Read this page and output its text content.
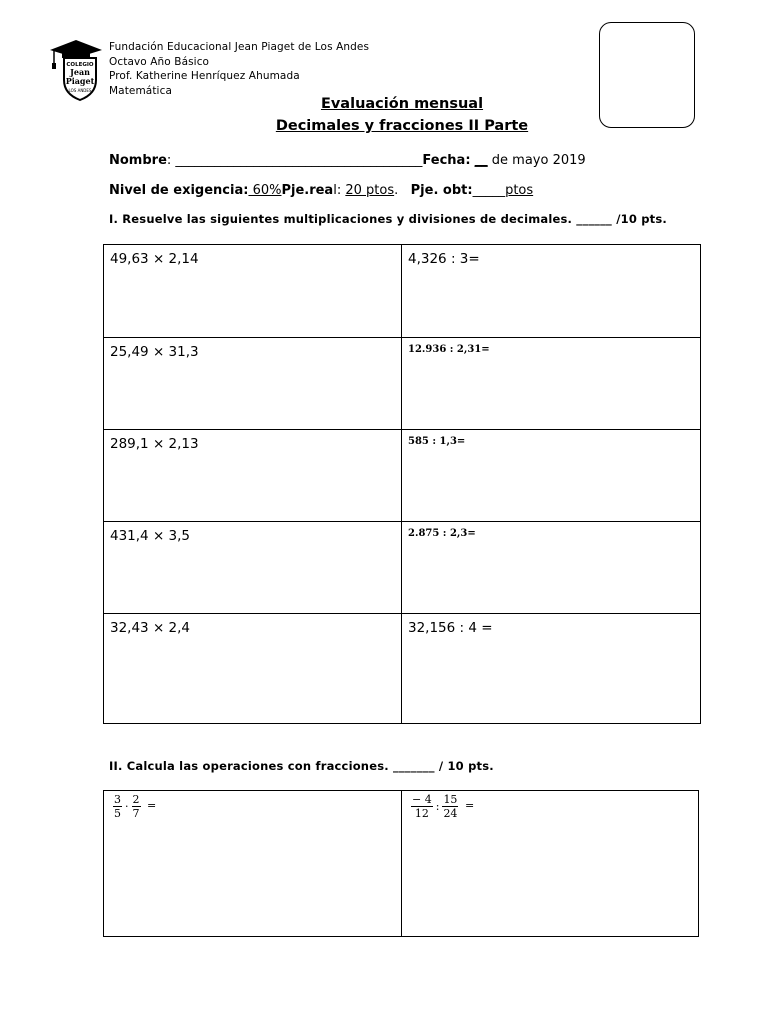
COLEGIO
Jean
Piaget
LOS ANDES
Fundación Educacional Jean Piaget de Los Andes
Octavo Año Básico
Prof. Katherine Henríquez Ahumada
Matemática
Evaluación mensual
Decimales y fracciones II Parte
Nombre: ______________________________________Fecha: __ de mayo 2019
Nivel de exigencia: 60%Pje.real: 20 ptos.   Pje. obt:_____ptos
I. Resuelve las siguientes multiplicaciones y divisiones de decimales. ______ /10 pts.
49,63 × 2,14	4,326 : 3=
25,49 × 31,3	12.936 : 2,31=
289,1 × 2,13	585 : 1,3=
431,4 × 3,5	2.875 : 2,3=
32,43 × 2,4	32,156 : 4 =
II. Calcula las operaciones con fracciones. _______ / 10 pts.
$\frac{3}{5} \cdot \frac{2}{7}$ =	$\frac{- 4}{12}$ : $\frac{15}{24}$ =
